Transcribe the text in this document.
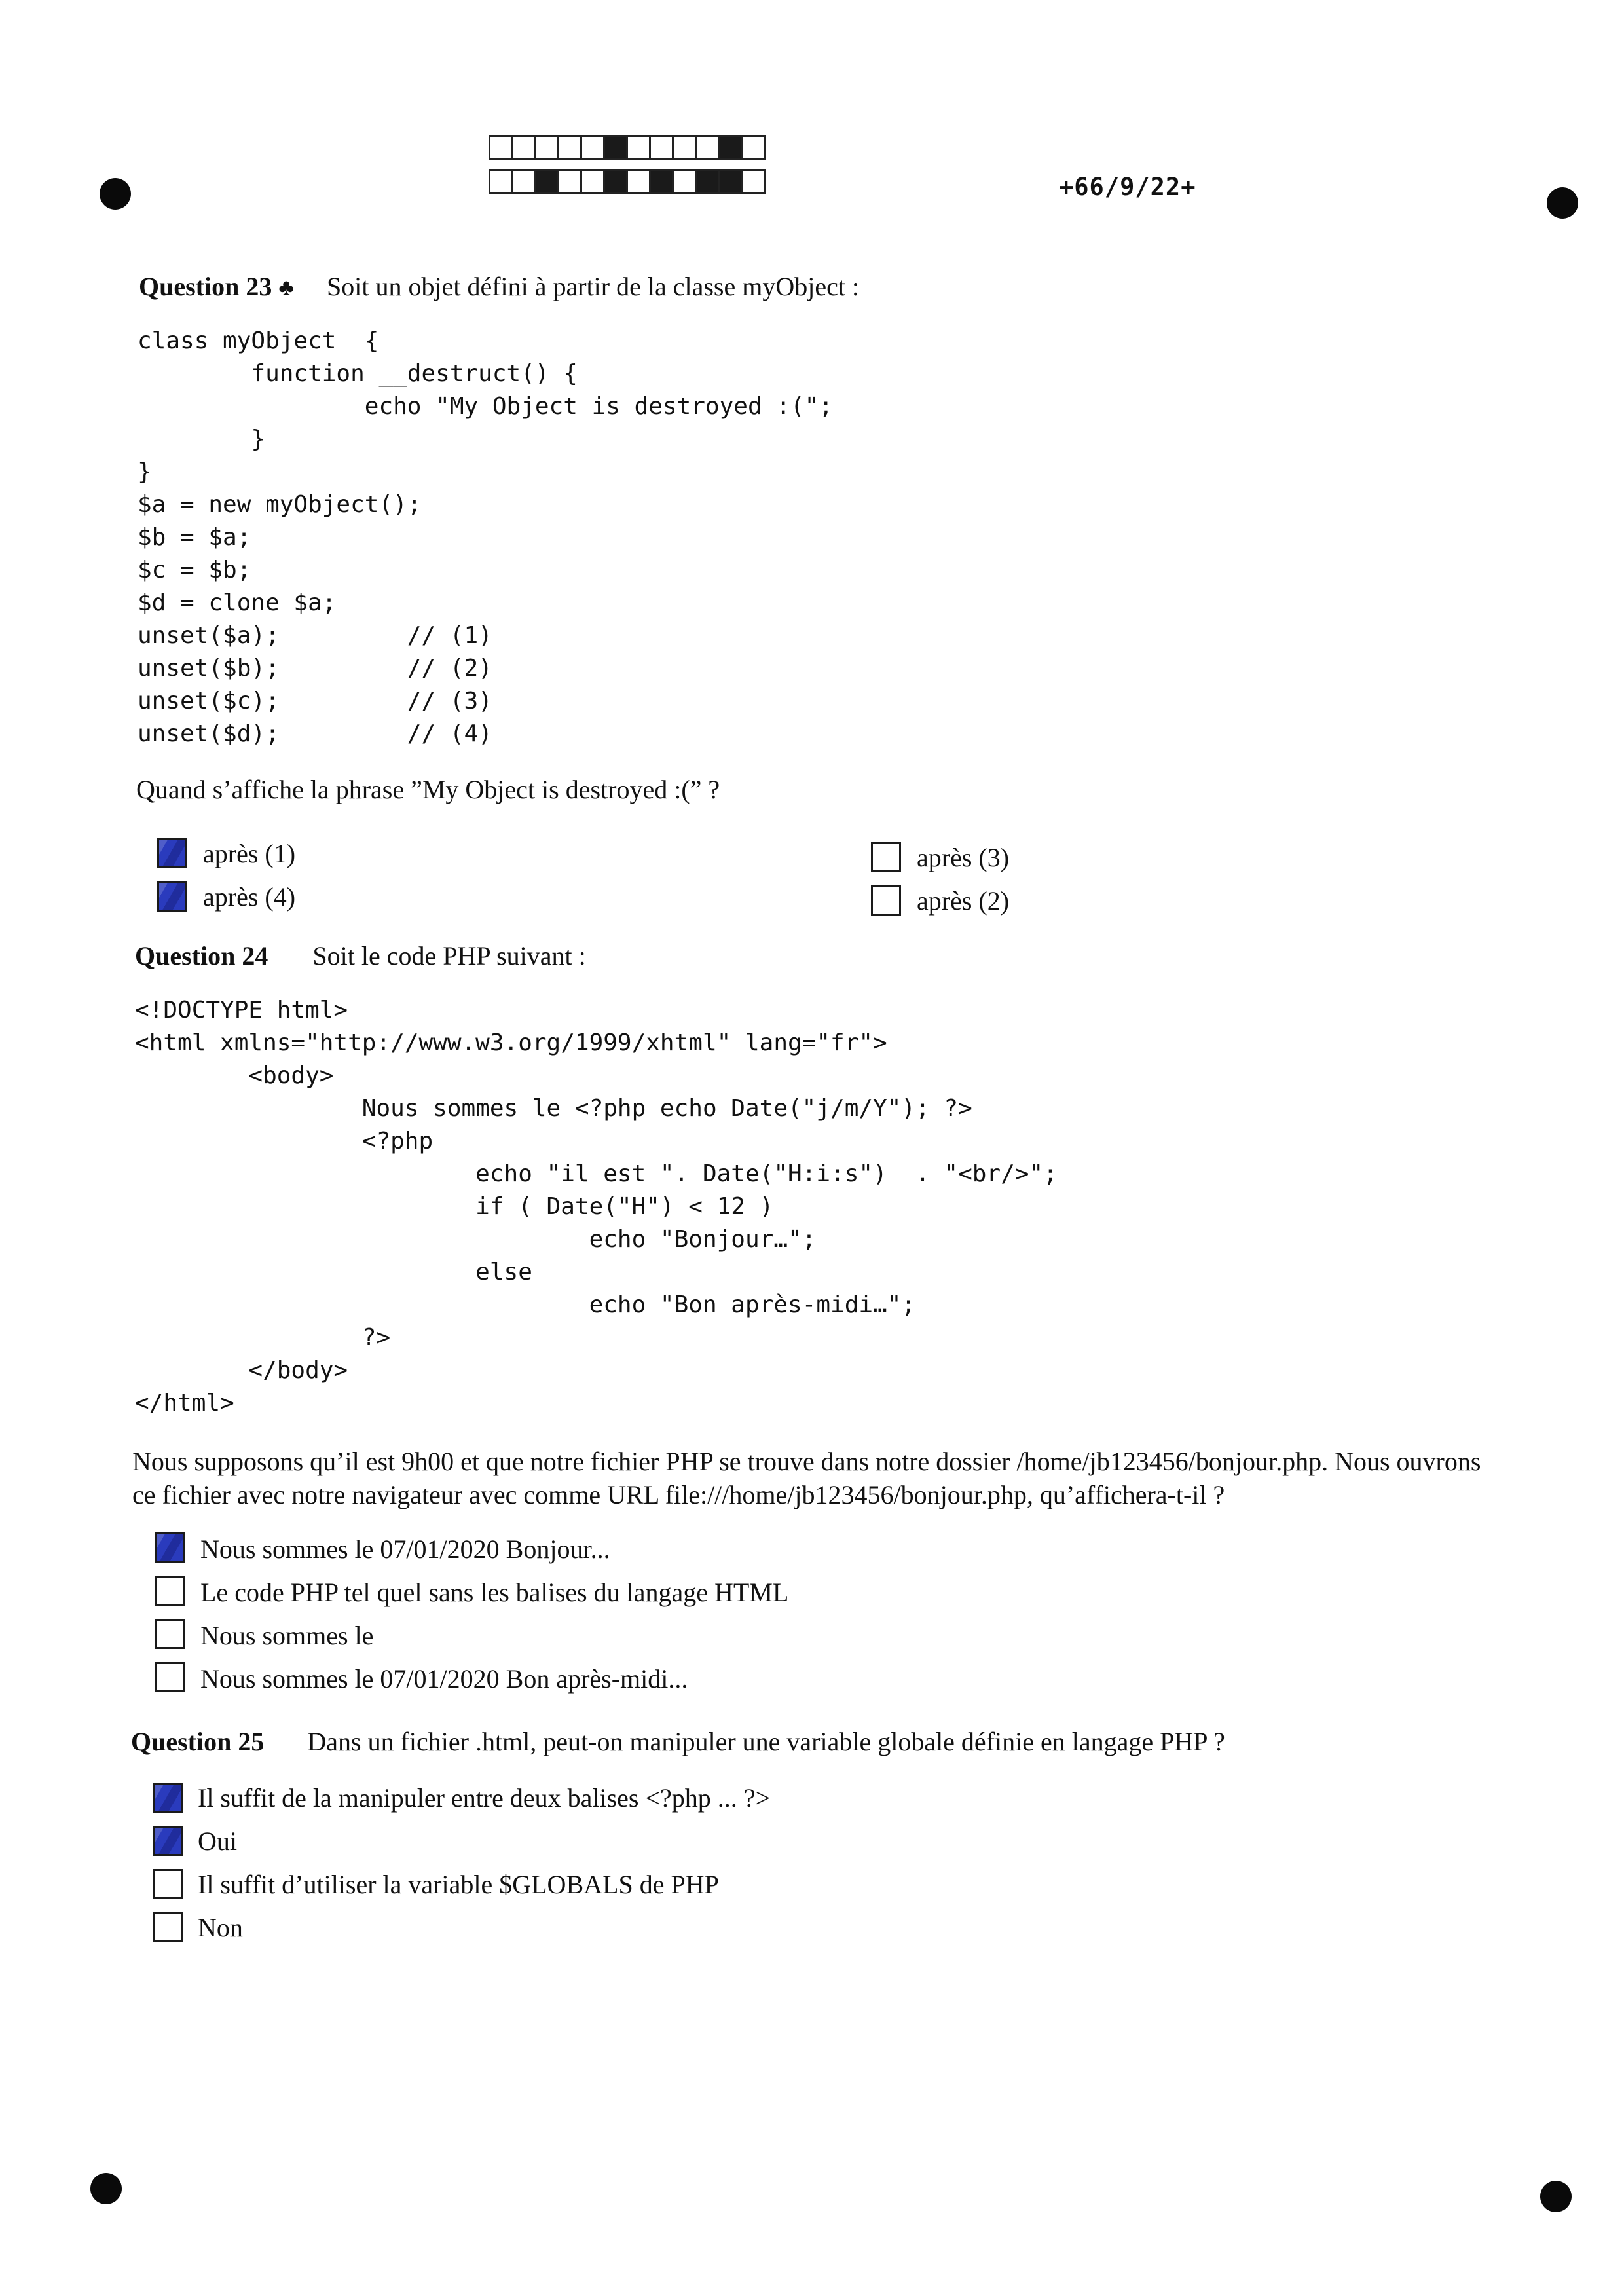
+66/9/22+
Question 23 ♣ Soit un objet défini à partir de la classe myObject :
class myObject  {
function __destruct() {
echo "My Object is destroyed :(";
}
}
$a = new myObject();
$b = $a;
$c = $b;
$d = clone $a;
unset($a);         // (1)
unset($b);         // (2)
unset($c);         // (3)
unset($d);         // (4)
Quand s’affiche la phrase ”My Object is destroyed :(” ?
après (1)
après (4)
après (3)
après (2)
Question 24 Soit le code PHP suivant :
<!DOCTYPE html>
<html xmlns="http://www.w3.org/1999/xhtml" lang="fr">
<body>
Nous sommes le <?php echo Date("j/m/Y"); ?>
<?php
echo "il est ". Date("H:i:s")  . "<br/>";
if ( Date("H") < 12 )
echo "Bonjour…";
else
echo "Bon après-midi…";
?>
</body>
</html>
Nous supposons qu’il est 9h00 et que notre fichier PHP se trouve dans notre dossier /home/jb123456/bonjour.php. Nous ouvrons
ce fichier avec notre navigateur avec comme URL file:///home/jb123456/bonjour.php, qu’affichera-t-il ?
Nous sommes le 07/01/2020 Bonjour...
Le code PHP tel quel sans les balises du langage HTML
Nous sommes le
Nous sommes le 07/01/2020 Bon après-midi...
Question 25 Dans un fichier .html, peut-on manipuler une variable globale définie en langage PHP ?
Il suffit de la manipuler entre deux balises <?php ... ?>
Oui
Il suffit d’utiliser la variable $GLOBALS de PHP
Non
